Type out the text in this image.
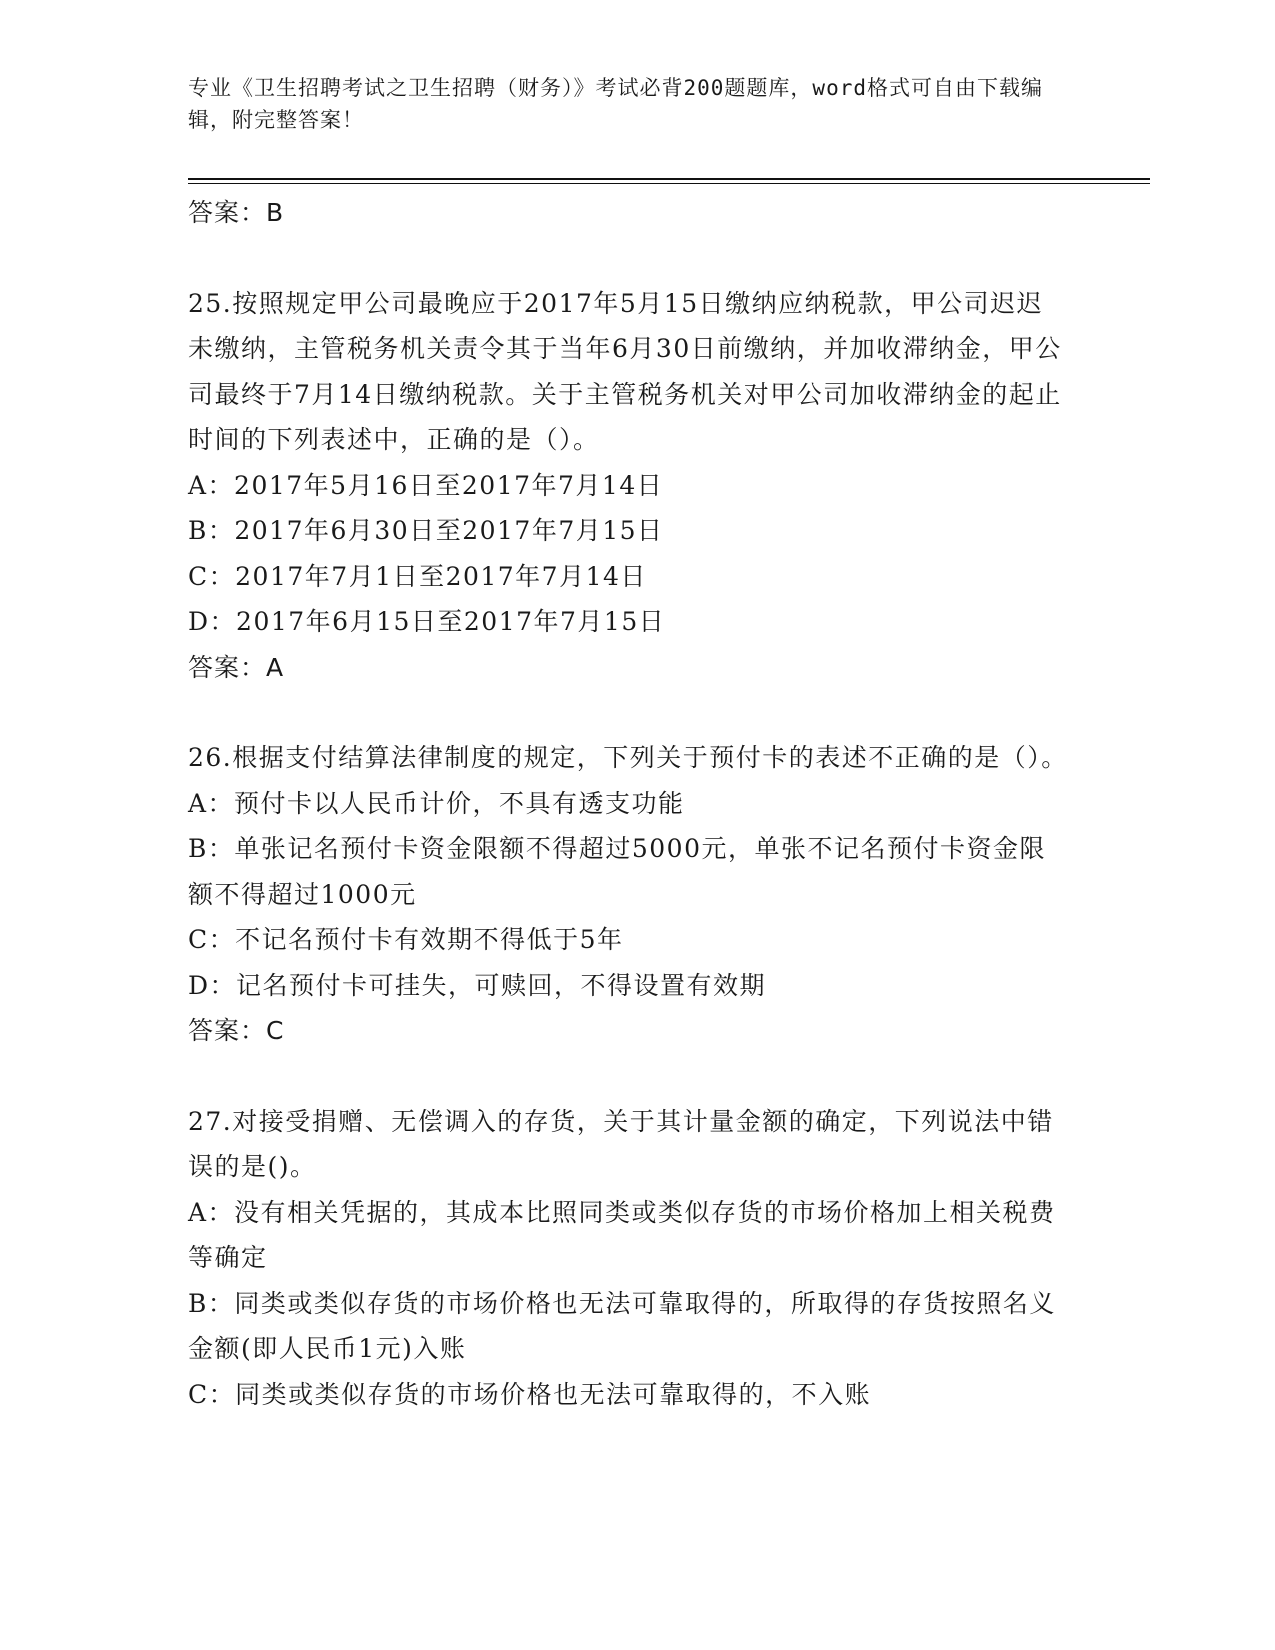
专业《卫生招聘考试之卫生招聘（财务）》考试必背200题题库，word格式可自由下载编辑，附完整答案！
答案：B

25.按照规定甲公司最晚应于2017年5月15日缴纳应纳税款，甲公司迟迟未缴纳，主管税务机关责令其于当年6月30日前缴纳，并加收滞纳金，甲公司最终于7月14日缴纳税款。关于主管税务机关对甲公司加收滞纳金的起止时间的下列表述中，正确的是（）。

A：2017年5月16日至2017年7月14日

B：2017年6月30日至2017年7月15日

C：2017年7月1日至2017年7月14日

D：2017年6月15日至2017年7月15日

答案：A

26.根据支付结算法律制度的规定，下列关于预付卡的表述不正确的是（）。

A：预付卡以人民币计价，不具有透支功能

B：单张记名预付卡资金限额不得超过5000元，单张不记名预付卡资金限额不得超过1000元

C：不记名预付卡有效期不得低于5年

D：记名预付卡可挂失，可赎回，不得设置有效期

答案：C

27.对接受捐赠、无偿调入的存货，关于其计量金额的确定，下列说法中错误的是()。

A：没有相关凭据的，其成本比照同类或类似存货的市场价格加上相关税费等确定

B：同类或类似存货的市场价格也无法可靠取得的，所取得的存货按照名义金额(即人民币1元)入账

C：同类或类似存货的市场价格也无法可靠取得的，不入账
